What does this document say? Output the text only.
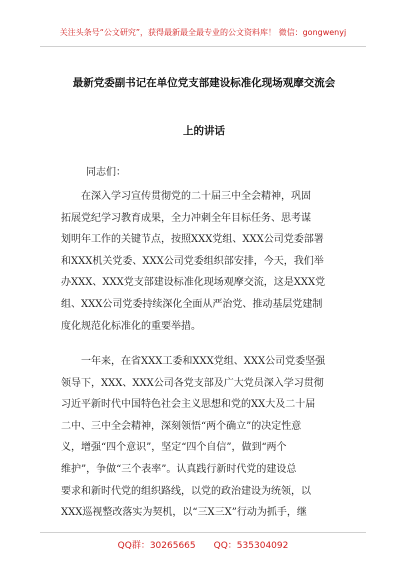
关注头条号“公文研究”，获得最新最全最专业的公文资料库！ 微信：gongwenyj
最新党委副书记在单位党支部建设标准化现场观摩交流会
上的讲话
同志们：
在深入学习宣传贯彻党的二十届三中全会精神，巩固
拓展党纪学习教育成果，全力冲刺全年目标任务、思考谋
划明年工作的关键节点，按照XXX党组、XXX公司党委部署
和XXX机关党委、XXX公司党委组织部安排，今天，我们举
办XXX、XXX党支部建设标准化现场观摩交流，这是XXX党
组、XXX公司党委持续深化全面从严治党、推动基层党建制
度化规范化标准化的重要举措。
一年来，在省XXX工委和XXX党组、XXX公司党委坚强
领导下，XXX、XXX公司各党支部及广大党员深入学习贯彻
习近平新时代中国特色社会主义思想和党的XX大及二十届
二中、三中全会精神，深刻领悟“两个确立”的决定性意
义，增强“四个意识”，坚定“四个自信”，做到“两个
维护”，争做“三个表率”。认真践行新时代党的建设总
要求和新时代党的组织路线，以党的政治建设为统领，以
XXX巡视整改落实为契机，以“三X三X”行动为抓手，继
QQ群：30265665 QQ：535304092
